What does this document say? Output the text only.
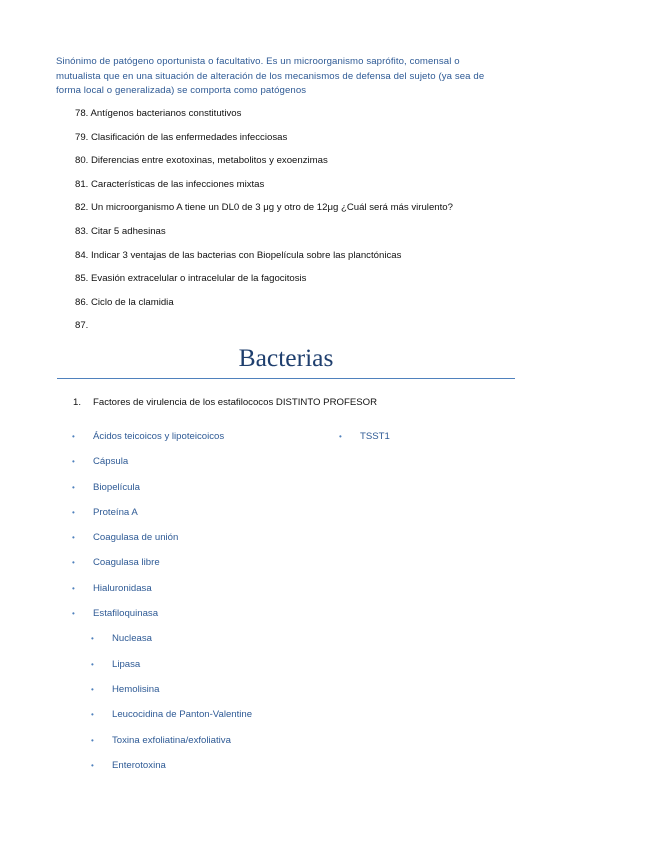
Sinónimo de patógeno oportunista o facultativo. Es un microorganismo saprófito, comensal o mutualista que en una situación de alteración de los mecanismos de defensa del sujeto (ya sea de forma local o generalizada) se comporta como patógenos
78. Antígenos bacterianos constitutivos
79. Clasificación de las enfermedades infecciosas
80. Diferencias entre exotoxinas, metabolitos y exoenzimas
81. Características de las infecciones mixtas
82. Un microorganismo A tiene un DL0 de 3 μg y otro de 12μg ¿Cuál será más virulento?
83. Citar 5 adhesinas
84. Indicar 3 ventajas de las bacterias con Biopelícula sobre las planctónicas
85. Evasión extracelular o intracelular de la fagocitosis
86. Ciclo de la clamidia
87.
Bacterias
1. Factores de virulencia de los estafilococos DISTINTO PROFESOR
• Ácidos teicoicos y lipoteicoicos
• Cápsula
• Biopelícula
• Proteína A
• Coagulasa de unión
• Coagulasa libre
• Hialuronidasa
• Estafiloquinasa
• Nucleasa
• Lipasa
• Hemolisina
• Leucocidina de Panton-Valentine
• Toxina exfoliatina/exfoliativa
• Enterotoxina
• TSST1
